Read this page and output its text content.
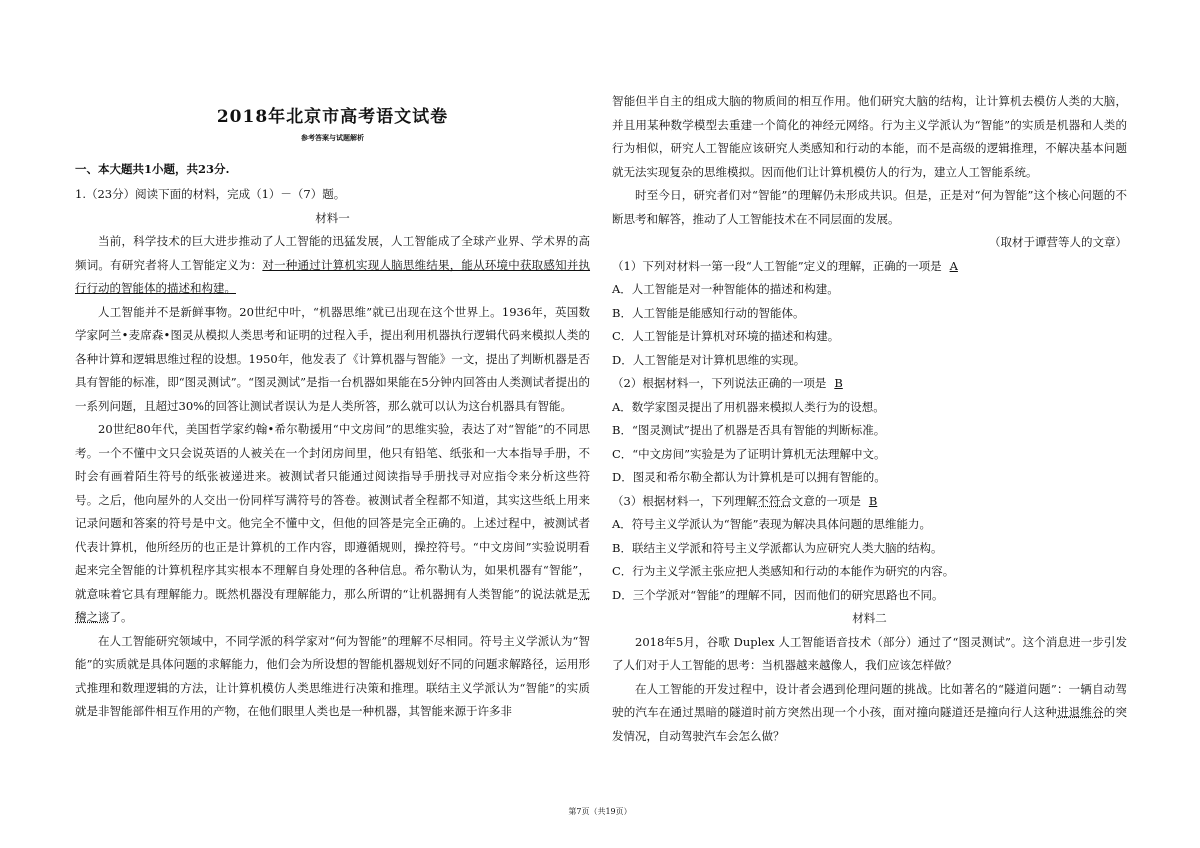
2018年北京市高考语文试卷
参考答案与试题解析
一、本大题共1小题，共23分.

1.（23分）阅读下面的材料，完成（1）－（7）题。

材料一

当前，科学技术的巨大进步推动了人工智能的迅猛发展，人工智能成了全球产业界、学术界的高频词。有研究者将人工智能定义为：对一种通过计算机实现人脑思维结果，能从环境中获取感知并执行行动的智能体的描述和构建。

人工智能并不是新鲜事物。20世纪中叶，“机器思维”就已出现在这个世界上。1936年，英国数学家阿兰•麦席森•图灵从模拟人类思考和证明的过程入手，提出利用机器执行逻辑代码来模拟人类的各种计算和逻辑思维过程的设想。1950年，他发表了《计算机器与智能》一文，提出了判断机器是否具有智能的标准，即“图灵测试”。“图灵测试”是指一台机器如果能在5分钟内回答由人类测试者提出的一系列问题，且超过30%的回答让测试者误认为是人类所答，那么就可以认为这台机器具有智能。

20世纪80年代，美国哲学家约翰•希尔勒援用“中文房间”的思维实验，表达了对“智能”的不同思考。一个不懂中文只会说英语的人被关在一个封闭房间里，他只有铅笔、纸张和一大本指导手册，不时会有画着陌生符号的纸张被递进来。被测试者只能通过阅读指导手册找寻对应指令来分析这些符号。之后，他向屋外的人交出一份同样写满符号的答卷。被测试者全程都不知道，其实这些纸上用来记录问题和答案的符号是中文。他完全不懂中文，但他的回答是完全正确的。上述过程中，被测试者代表计算机，他所经历的也正是计算机的工作内容，即遵循规则，操控符号。“中文房间”实验说明看起来完全智能的计算机程序其实根本不理解自身处理的各种信息。希尔勒认为，如果机器有“智能”，就意味着它具有理解能力。既然机器没有理解能力，那么所谓的“让机器拥有人类智能”的说法就是无稽之谈了。

在人工智能研究领域中，不同学派的科学家对“何为智能”的理解不尽相同。符号主义学派认为“智能”的实质就是具体问题的求解能力，他们会为所设想的智能机器规划好不同的问题求解路径，运用形式推理和数理逻辑的方法，让计算机模仿人类思维进行决策和推理。联结主义学派认为“智能”的实质就是非智能部件相互作用的产物，在他们眼里人类也是一种机器，其智能来源于许多非

智能但半自主的组成大脑的物质间的相互作用。他们研究大脑的结构，让计算机去模仿人类的大脑，并且用某种数学模型去重建一个简化的神经元网络。行为主义学派认为“智能”的实质是机器和人类的行为相似，研究人工智能应该研究人类感知和行动的本能，而不是高级的逻辑推理，不解决基本问题就无法实现复杂的思维模拟。因而他们让计算机模仿人的行为，建立人工智能系统。

时至今日，研究者们对“智能”的理解仍未形成共识。但是，正是对“何为智能”这个核心问题的不断思考和解答，推动了人工智能技术在不同层面的发展。

（取材于谭营等人的文章）

（1）下列对材料一第一段“人工智能”定义的理解，正确的一项是 A

A．人工智能是对一种智能体的描述和构建。

B．人工智能是能感知行动的智能体。

C．人工智能是计算机对环境的描述和构建。

D．人工智能是对计算机思维的实现。

（2）根据材料一，下列说法正确的一项是 B

A．数学家图灵提出了用机器来模拟人类行为的设想。

B．“图灵测试”提出了机器是否具有智能的判断标准。

C．“中文房间”实验是为了证明计算机无法理解中文。

D．图灵和希尔勒全都认为计算机是可以拥有智能的。

（3）根据材料一，下列理解不符合文意的一项是 B

A．符号主义学派认为“智能”表现为解决具体问题的思维能力。

B．联结主义学派和符号主义学派都认为应研究人类大脑的结构。

C．行为主义学派主张应把人类感知和行动的本能作为研究的内容。

D．三个学派对“智能”的理解不同，因而他们的研究思路也不同。

材料二

2018年5月，谷歌 Duplex 人工智能语音技术（部分）通过了“图灵测试”。这个消息进一步引发了人们对于人工智能的思考：当机器越来越像人，我们应该怎样做？

在人工智能的开发过程中，设计者会遇到伦理问题的挑战。比如著名的“隧道问题”：一辆自动驾驶的汽车在通过黑暗的隧道时前方突然出现一个小孩，面对撞向隧道还是撞向行人这种进退维谷的突发情况，自动驾驶汽车会怎么做？

第7页（共19页）
